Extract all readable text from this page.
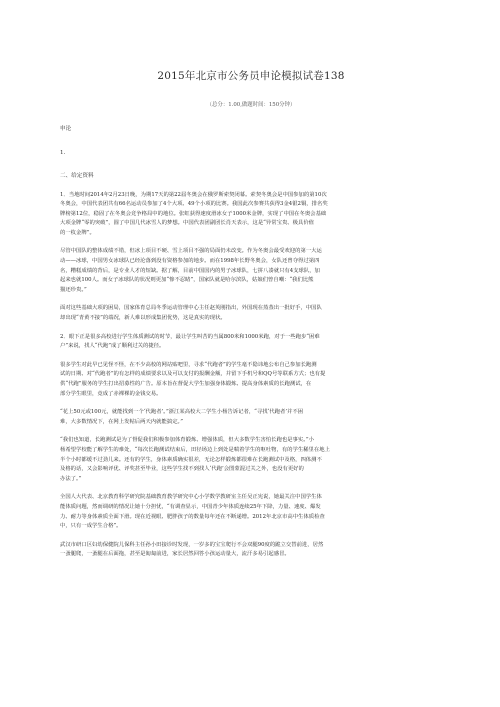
2015年北京市公务员申论模拟试卷138
（总分：1.00,做题时间：150分钟）
申论
1.
二、给定资料
1．当地时间2014年2月23日晚，为期17天的第22届冬奥会在俄罗斯索契闭幕。索契冬奥会是中国参加的第10次
冬奥会，中国代表团共有66名运动员参加了4个大项、49个小项的比赛。我国此次参赛共获得3金4银2铜，排名奖
牌榜第12位，稳固了在冬奥会竞争格局中的地位。张虹获得速度滑冰女子1000米金牌，实现了中国在冬奥会基础
大项金牌“零的突破”，圆了中国几代冰雪人的梦想。中国代表团副团长肖天表示，这是“异常宝贵、极具价值
的一枚金牌”。
尽管中国队的整体成绩不错，但冰上项目不硬、雪上项目不强的局面仍未改变。作为冬奥会最受欢迎的第一大运
动——冰球，中国男女冰球队已经沦落到没有资格参加的地步。而在1998年长野冬奥会，女队还曾夺得过第四
名，糟糕成绩的背后，是专业人才的短缺。据了解，目前中国国内的男子冰球队，七拼八凑就只有4支球队，加
起来也就100人。而女子冰球队的状况则更加“惨不忍睹”，国家队就是哈尔滨队，姑娘们曾自嘲：“我们比熊
猫还珍贵。”
面对这些基础大项的困局，国家体育总局冬季运动管理中心主任赵英刚指出，外国现在蒸蒸出一批好手，中国队
却出现“青黄不接”的端况，新人难以形成集团优势，这是真实的现状。
2．眼下正是很多高校进行学生体质测试的时节，最让学生叫苦的当属800米和1000米跑，对于一些跑步“困难
户”来说，找人“代跑”成了顺利过关的捷径。
很多学生对此早已见怪不怪，在不少高校的网站贴吧里，寻求“代跑者”的学生毫不隐讳地公布自己参加长跑测
试的日期、对“代跑者”的有怎样的成绩要求以及可以支付的报酬金额，并留下手机号和QQ号等联系方式；也有提
供“代跑”服务的学生打出招募性的广告。原本旨在督促大学生加强身体锻炼、提高身体素质的长跑测试，在
部分学生眼里，竟成了赤裸裸的金钱交易。
“花上50元或100元，就能找到一个‘代跑者’。”浙江某高校大二学生小杨告诉记者，“寻找‘代跑者’并不困
难，大多数情况下，在网上发帖后两天内就能搞定。”
“我们也知道，长跑测试是为了督促我们积极参加体育锻炼、增强体质，但大多数学生害怕长跑也是事实。”小
杨希望学校能了解学生的难处，“每次长跑测试结束后，田径场边上到处是喘着学生的呕吐物，有的学生稀里在地上
半个小时都缓不过劲儿来。还有的学生，身体素质确实很差，无论怎样锻炼都很难在长跑测试中及格，四体测不
及格的话，又会影响评优、评奖甚至毕业，这些学生找不到找人‘代跑’会图蒙混过关之外，也没有更好的
办法了。”
全国人大代表、北京教育科学研究院基础教育教学研究中心小学数学教研室主任吴正宪说，她最关注中国学生体
能体质问题，然而调研的情况让她十分担忧，“有调查显示，中国青少年体质连续25年下降，力量、速度、爆发
力、耐力等身体素质全面下滑。现在近视眼、肥胖孩子的数量每年还在不断递增。2012年北京市高中生体质检查
中，只有一成学生合格”。
武汉市研口区妇幼保健院儿保科主任孙小田接诊时发现，一岁多的宝宝爬行不会双腿90度的跪立交替前进，居然
一蚤腿爬，一蚤腿在后面拖，甚至是匍匐前进，家长居然回答小孩运动量大，流汗多易引起感冒。
